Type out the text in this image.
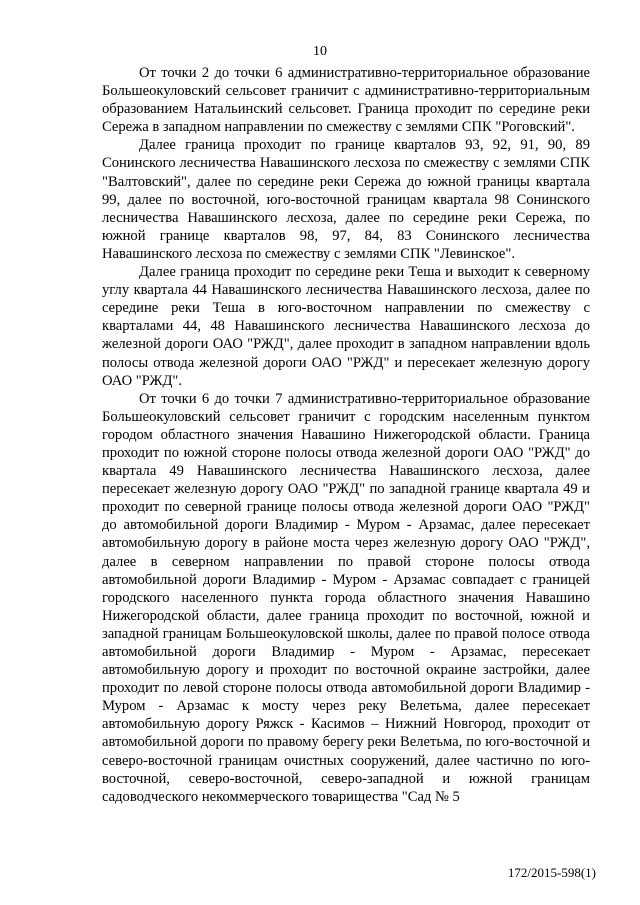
10

От точки 2 до точки 6 административно-территориальное образование Большеокуловский сельсовет граничит с административно-территориальным образованием Натальинский сельсовет. Граница проходит по середине реки Сережа в западном направлении по смежеству с землями СПК "Роговский".

Далее граница проходит по границе кварталов 93, 92, 91, 90, 89 Сонинского лесничества Навашинского лесхоза по смежеству с землями СПК "Валтовский", далее по середине реки Сережа до южной границы квартала 99, далее по восточной, юго-восточной границам квартала 98 Сонинского лесничества Навашинского лесхоза, далее по середине реки Сережа, по южной границе кварталов 98, 97, 84, 83 Сонинского лесничества Навашинского лесхоза по смежеству с землями СПК "Левинское".

Далее граница проходит по середине реки Теша и выходит к северному углу квартала 44 Навашинского лесничества Навашинского лесхоза, далее по середине реки Теша в юго-восточном направлении по смежеству с кварталами 44, 48 Навашинского лесничества Навашинского лесхоза до железной дороги ОАО "РЖД", далее проходит в западном направлении вдоль полосы отвода железной дороги ОАО "РЖД" и пересекает железную дорогу ОАО "РЖД".

От точки 6 до точки 7 административно-территориальное образование Большеокуловский сельсовет граничит с городским населенным пунктом городом областного значения Навашино Нижегородской области. Граница проходит по южной стороне полосы отвода железной дороги ОАО "РЖД" до квартала 49 Навашинского лесничества Навашинского лесхоза, далее пересекает железную дорогу ОАО "РЖД" по западной границе квартала 49 и проходит по северной границе полосы отвода железной дороги ОАО "РЖД" до автомобильной дороги Владимир - Муром - Арзамас, далее пересекает автомобильную дорогу в районе моста через железную дорогу ОАО "РЖД", далее в северном направлении по правой стороне полосы отвода автомобильной дороги Владимир - Муром - Арзамас совпадает с границей городского населенного пункта города областного значения Навашино Нижегородской области, далее граница проходит по восточной, южной и западной границам Большеокуловской школы, далее по правой полосе отвода автомобильной дороги Владимир - Муром - Арзамас, пересекает автомобильную дорогу и проходит по восточной окраине застройки, далее проходит по левой стороне полосы отвода автомобильной дороги Владимир - Муром - Арзамас к мосту через реку Велетьма, далее пересекает автомобильную дорогу Ряжск - Касимов – Нижний Новгород, проходит от автомобильной дороги по правому берегу реки Велетьма, по юго-восточной и северо-восточной границам очистных сооружений, далее частично по юго-восточной, северо-восточной, северо-западной и южной границам садоводческого некоммерческого товарищества "Сад № 5

172/2015-598(1)
